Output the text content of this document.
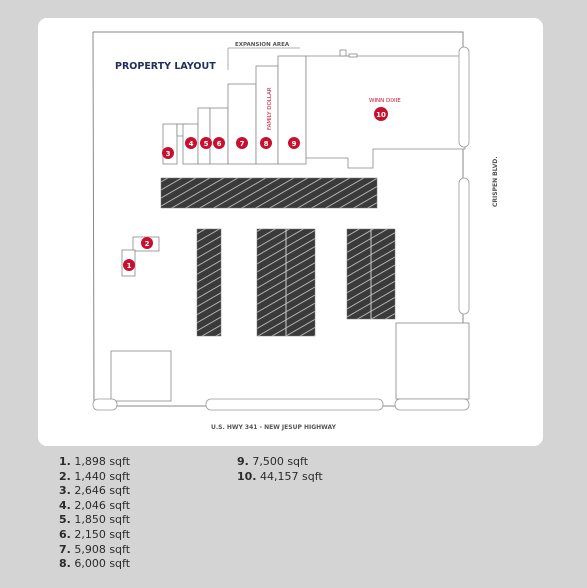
PROPERTY LAYOUT
EXPANSION AREA
U.S. HWY 341 - NEW JESUP HIGHWAY
CRISPEN BLVD.
WINN DIXIE
FAMILY DOLLAR
1
2
3
4 5 6	7	8	9
10
1. 1,898 sqft
2. 1,440 sqft
3. 2,646 sqft
4. 2,046 sqft
5. 1,850 sqft
6. 2,150 sqft
7. 5,908 sqft
8. 6,000 sqft
9. 7,500 sqft
10. 44,157 sqft
